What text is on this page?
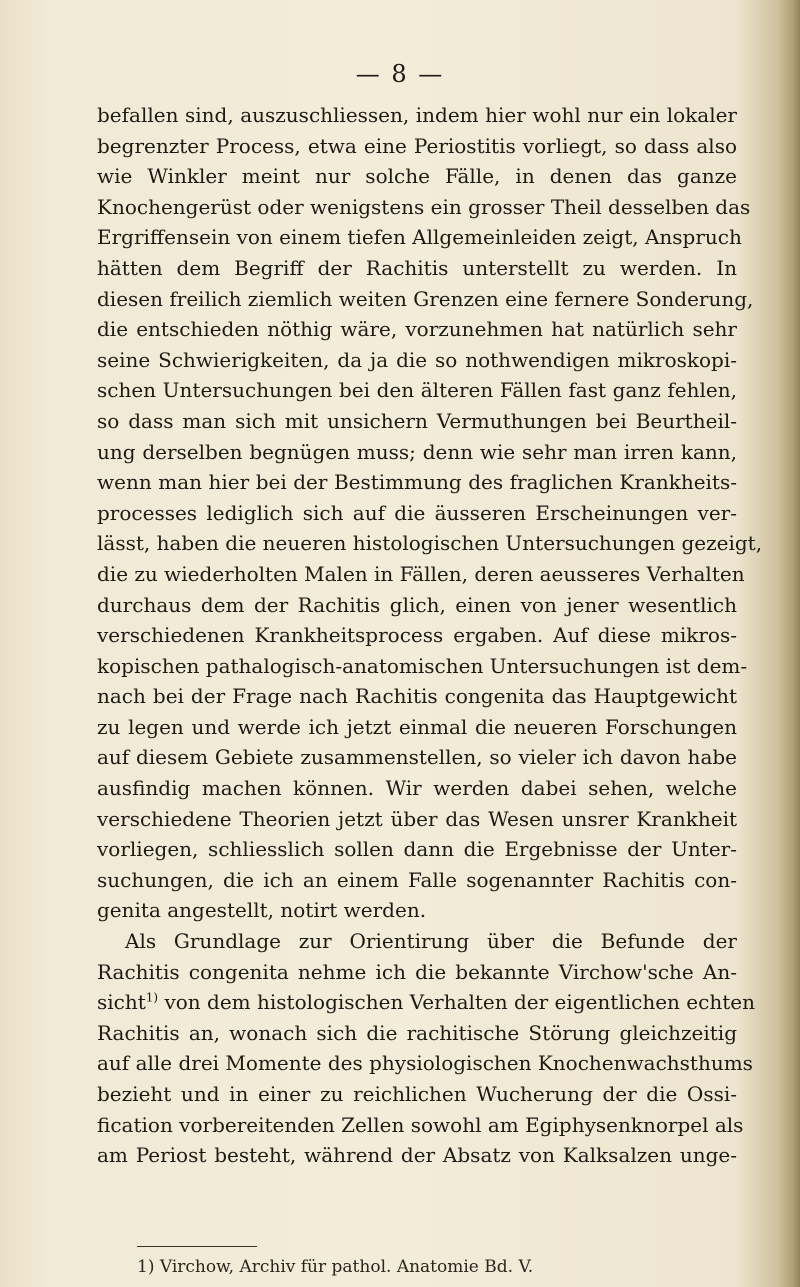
— 8 —
befallen sind, auszuschliessen, indem hier wohl nur ein lokaler
begrenzter Process, etwa eine Periostitis vorliegt, so dass also
wie Winkler meint nur solche Fälle, in denen das ganze
Knochengerüst oder wenigstens ein grosser Theil desselben das
Ergriffensein von einem tiefen Allgemeinleiden zeigt, Anspruch
hätten dem Begriff der Rachitis unterstellt zu werden. In
diesen freilich ziemlich weiten Grenzen eine fernere Sonderung,
die entschieden nöthig wäre, vorzunehmen hat natürlich sehr
seine Schwierigkeiten, da ja die so nothwendigen mikroskopi-
schen Untersuchungen bei den älteren Fällen fast ganz fehlen,
so dass man sich mit unsichern Vermuthungen bei Beurtheil-
ung derselben begnügen muss; denn wie sehr man irren kann,
wenn man hier bei der Bestimmung des fraglichen Krankheits-
processes lediglich sich auf die äusseren Erscheinungen ver-
lässt, haben die neueren histologischen Untersuchungen gezeigt,
die zu wiederholten Malen in Fällen, deren aeusseres Verhalten
durchaus dem der Rachitis glich, einen von jener wesentlich
verschiedenen Krankheitsprocess ergaben. Auf diese mikros-
kopischen pathalogisch-anatomischen Untersuchungen ist dem-
nach bei der Frage nach Rachitis congenita das Hauptgewicht
zu legen und werde ich jetzt einmal die neueren Forschungen
auf diesem Gebiete zusammenstellen, so vieler ich davon habe
ausfindig machen können. Wir werden dabei sehen, welche
verschiedene Theorien jetzt über das Wesen unsrer Krankheit
vorliegen, schliesslich sollen dann die Ergebnisse der Unter-
suchungen, die ich an einem Falle sogenannter Rachitis con-
genita angestellt, notirt werden.
Als Grundlage zur Orientirung über die Befunde der
Rachitis congenita nehme ich die bekannte Virchow'sche An-
sicht$^{1)}$ von dem histologischen Verhalten der eigentlichen echten
Rachitis an, wonach sich die rachitische Störung gleichzeitig
auf alle drei Momente des physiologischen Knochenwachsthums
bezieht und in einer zu reichlichen Wucherung der die Ossi-
fication vorbereitenden Zellen sowohl am Egiphysenknorpel als
am Periost besteht, während der Absatz von Kalksalzen unge-
1) Virchow, Archiv für pathol. Anatomie Bd. V.
